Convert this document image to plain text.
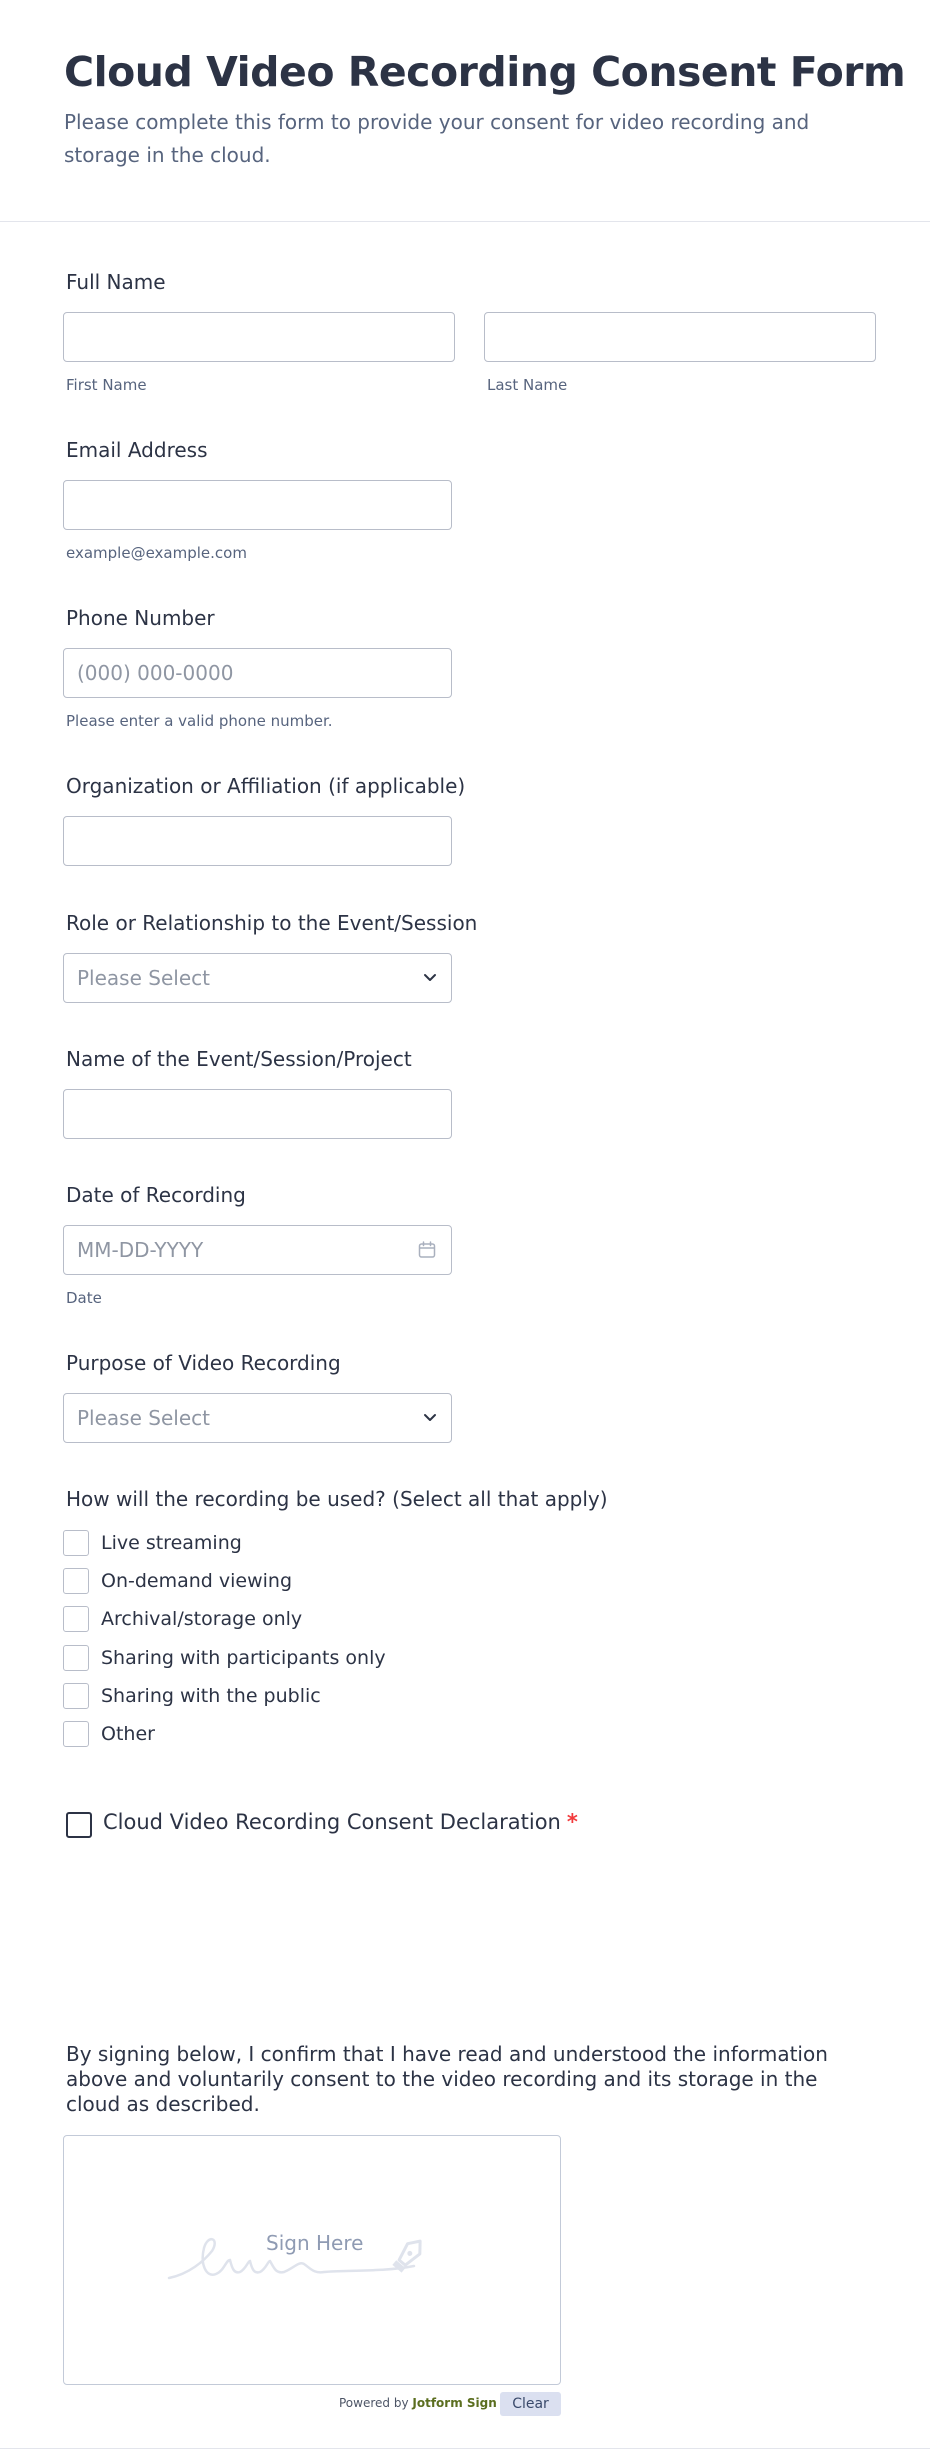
Cloud Video Recording Consent Form
Please complete this form to provide your consent for video recording and storage in the cloud.
Full Name
First Name	Last Name
Email Address
example@example.com
Phone Number
(000) 000-0000
Please enter a valid phone number.
Organization or Affiliation (if applicable)
Role or Relationship to the Event/Session
Please Select
Name of the Event/Session/Project
Date of Recording
MM-DD-YYYY
Date
Purpose of Video Recording
Please Select
How will the recording be used? (Select all that apply)
Live streaming
On-demand viewing
Archival/storage only
Sharing with participants only
Sharing with the public
Other
Cloud Video Recording Consent Declaration *
By signing below, I confirm that I have read and understood the information above and voluntarily consent to the video recording and its storage in the cloud as described.
Sign Here
Powered by Jotform Sign	Clear
